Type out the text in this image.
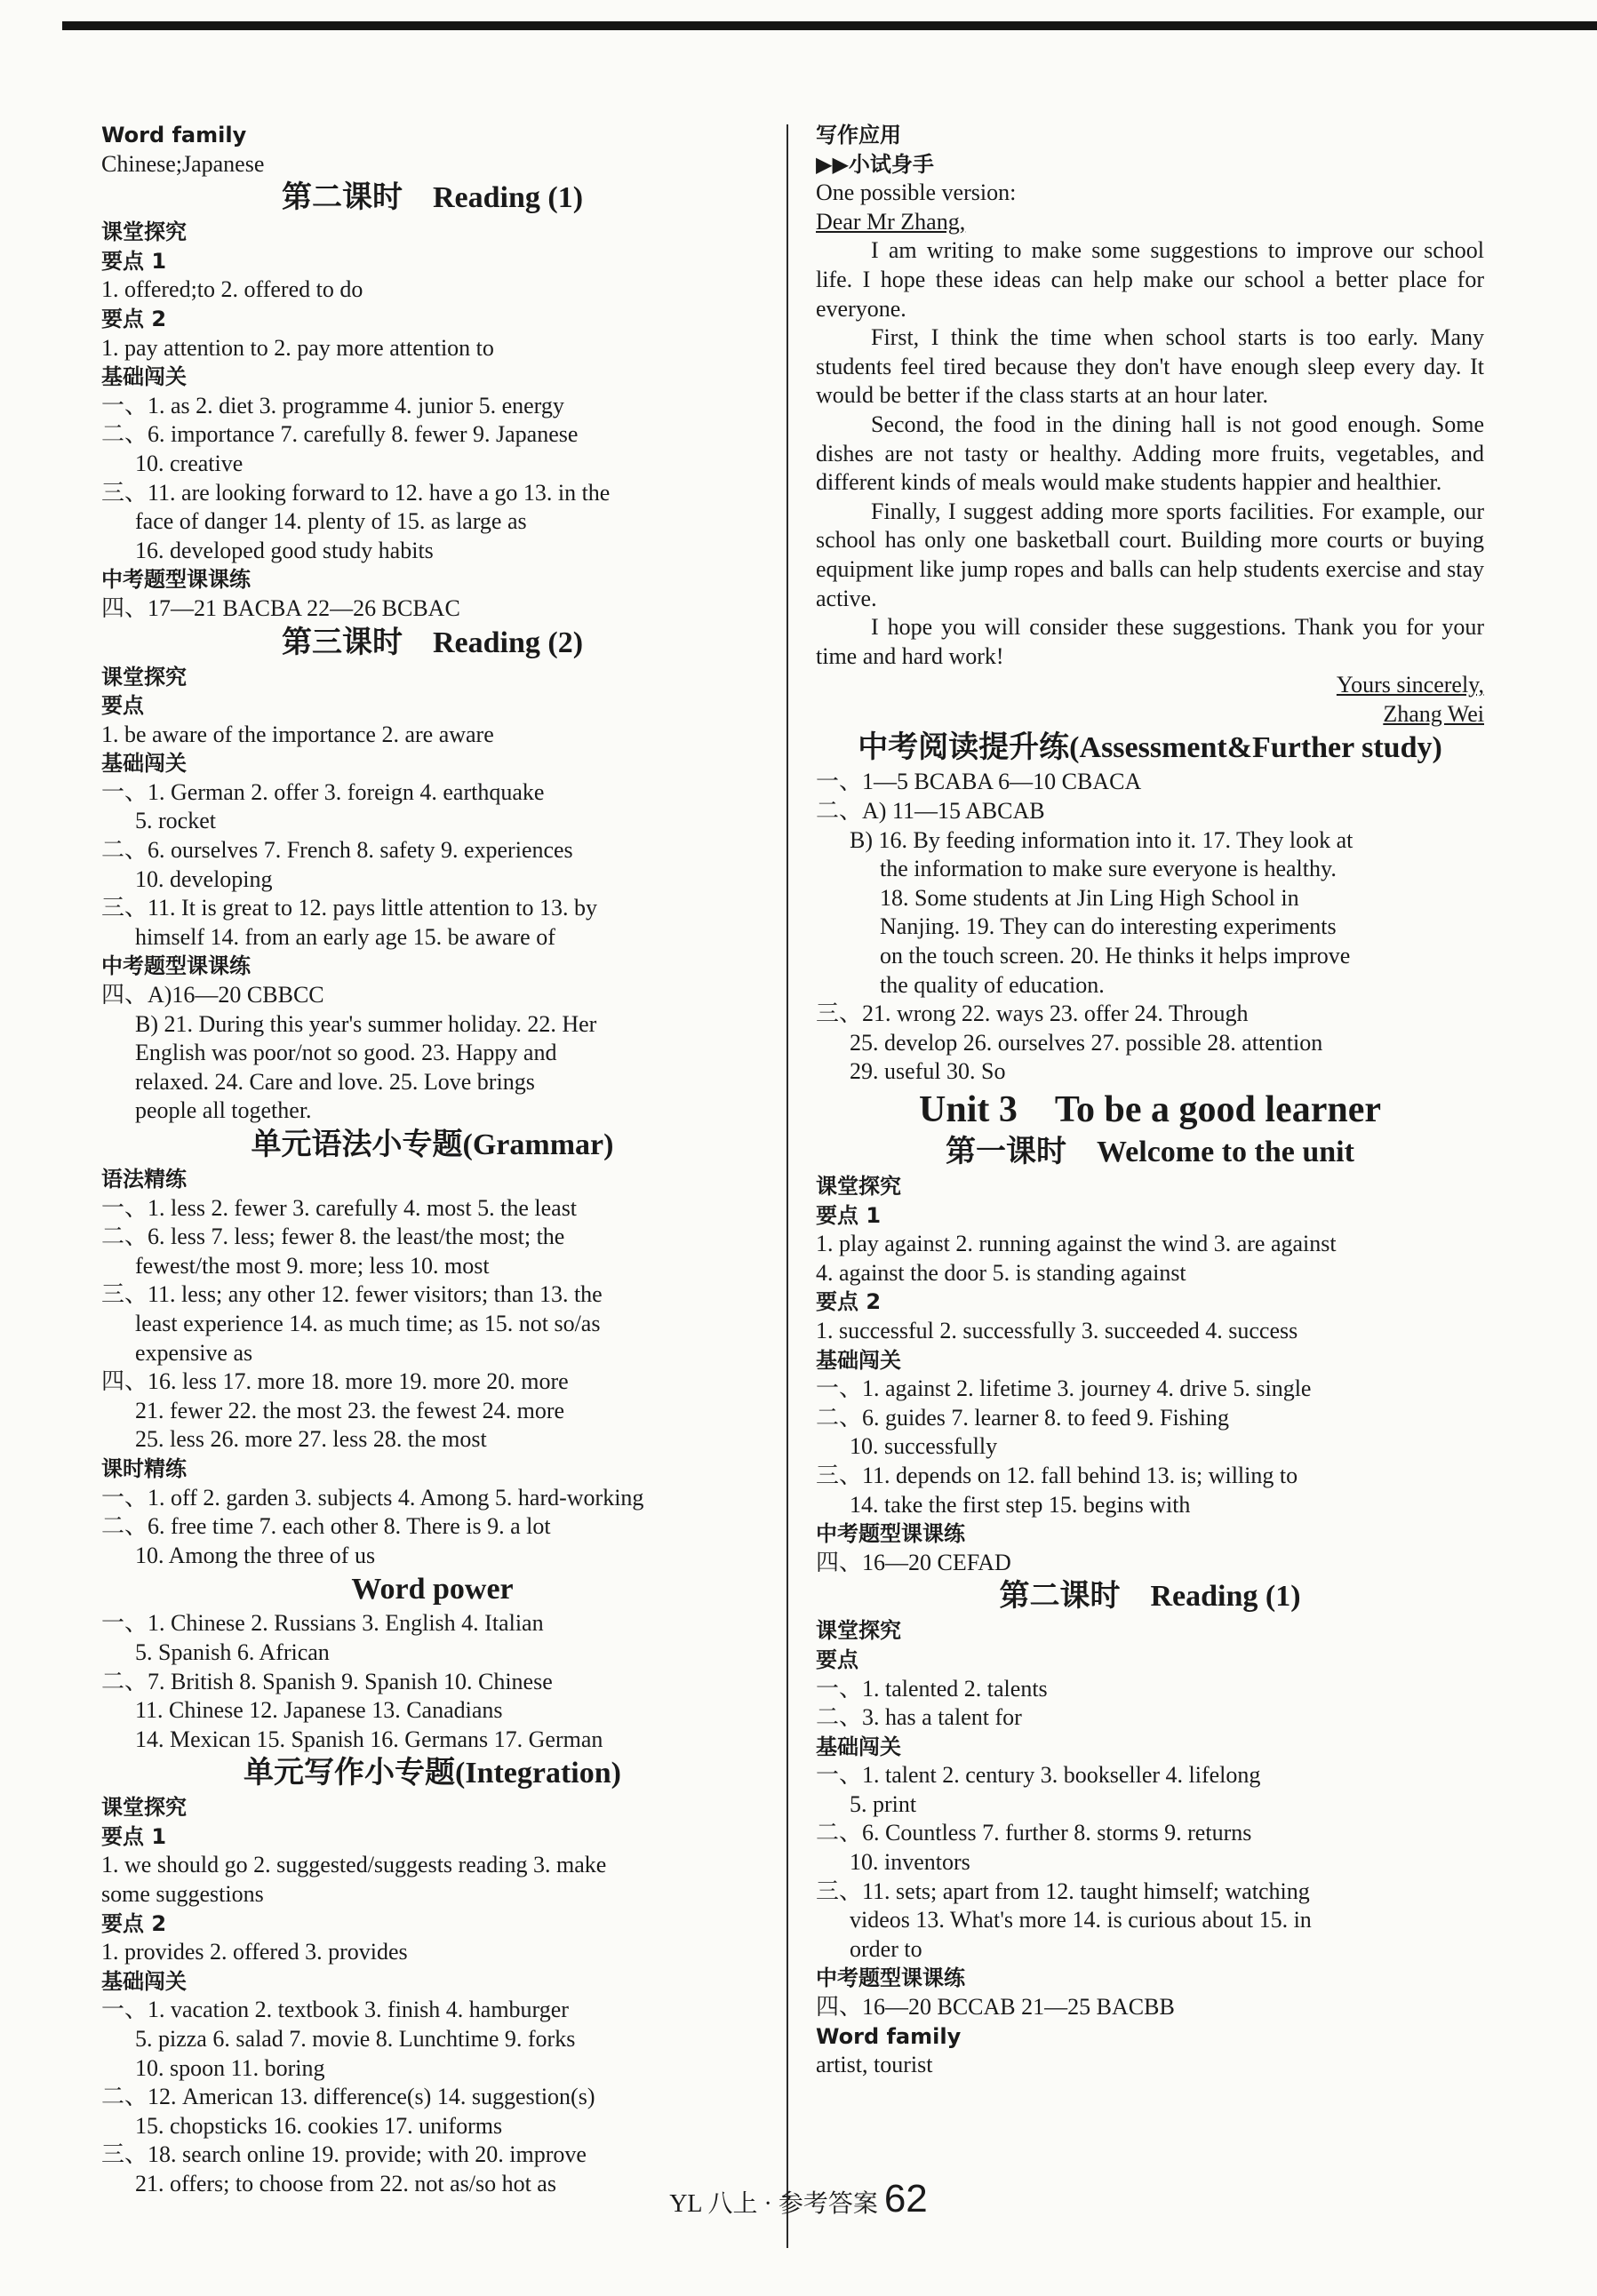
Word family
Chinese;Japanese
第二课时　Reading (1)
课堂探究
要点 1
1. offered;to 2. offered to do
要点 2
1. pay attention to 2. pay more attention to
基础闯关
一、1. as 2. diet 3. programme 4. junior 5. energy
二、6. importance 7. carefully 8. fewer 9. Japanese
10. creative
三、11. are looking forward to 12. have a go 13. in the
face of danger 14. plenty of 15. as large as
16. developed good study habits
中考题型课课练
四、17—21 BACBA 22—26 BCBAC
第三课时　Reading (2)
课堂探究
要点
1. be aware of the importance 2. are aware
基础闯关
一、1. German 2. offer 3. foreign 4. earthquake
5. rocket
二、6. ourselves 7. French 8. safety 9. experiences
10. developing
三、11. It is great to 12. pays little attention to 13. by
himself 14. from an early age 15. be aware of
中考题型课课练
四、A)16—20 CBBCC
B) 21. During this year's summer holiday. 22. Her
English was poor/not so good. 23. Happy and
relaxed. 24. Care and love. 25. Love brings
people all together.
单元语法小专题(Grammar)
语法精练
一、1. less 2. fewer 3. carefully 4. most 5. the least
二、6. less 7. less; fewer 8. the least/the most; the
fewest/the most 9. more; less 10. most
三、11. less; any other 12. fewer visitors; than 13. the
least experience 14. as much time; as 15. not so/as
expensive as
四、16. less 17. more 18. more 19. more 20. more
21. fewer 22. the most 23. the fewest 24. more
25. less 26. more 27. less 28. the most
课时精练
一、1. off 2. garden 3. subjects 4. Among 5. hard-working
二、6. free time 7. each other 8. There is 9. a lot
10. Among the three of us
Word power
一、1. Chinese 2. Russians 3. English 4. Italian
5. Spanish 6. African
二、7. British 8. Spanish 9. Spanish 10. Chinese
11. Chinese 12. Japanese 13. Canadians
14. Mexican 15. Spanish 16. Germans 17. German
单元写作小专题(Integration)
课堂探究
要点 1
1. we should go 2. suggested/suggests reading 3. make
some suggestions
要点 2
1. provides 2. offered 3. provides
基础闯关
一、1. vacation 2. textbook 3. finish 4. hamburger
5. pizza 6. salad 7. movie 8. Lunchtime 9. forks
10. spoon 11. boring
二、12. American 13. difference(s) 14. suggestion(s)
15. chopsticks 16. cookies 17. uniforms
三、18. search online 19. provide; with 20. improve
21. offers; to choose from 22. not as/so hot as
写作应用
▶▶小试身手
One possible version:
Dear Mr Zhang,
I am writing to make some suggestions to improve our school life. I hope these ideas can help make our school a better place for everyone.
First, I think the time when school starts is too early. Many students feel tired because they don't have enough sleep every day. It would be better if the class starts at an hour later.
Second, the food in the dining hall is not good enough. Some dishes are not tasty or healthy. Adding more fruits, vegetables, and different kinds of meals would make students happier and healthier.
Finally, I suggest adding more sports facilities. For example, our school has only one basketball court. Building more courts or buying equipment like jump ropes and balls can help students exercise and stay active.
I hope you will consider these suggestions. Thank you for your time and hard work!
Yours sincerely,
Zhang Wei
中考阅读提升练(Assessment&Further study)
一、1—5 BCABA 6—10 CBACA
二、A) 11—15 ABCAB
B) 16. By feeding information into it. 17. They look at
the information to make sure everyone is healthy.
18. Some students at Jin Ling High School in
Nanjing. 19. They can do interesting experiments
on the touch screen. 20. He thinks it helps improve
the quality of education.
三、21. wrong 22. ways 23. offer 24. Through
25. develop 26. ourselves 27. possible 28. attention
29. useful 30. So
Unit 3　To be a good learner
第一课时　Welcome to the unit
课堂探究
要点 1
1. play against 2. running against the wind 3. are against
4. against the door 5. is standing against
要点 2
1. successful 2. successfully 3. succeeded 4. success
基础闯关
一、1. against 2. lifetime 3. journey 4. drive 5. single
二、6. guides 7. learner 8. to feed 9. Fishing
10. successfully
三、11. depends on 12. fall behind 13. is; willing to
14. take the first step 15. begins with
中考题型课课练
四、16—20 CEFAD
第二课时　Reading (1)
课堂探究
要点
一、1. talented 2. talents
二、3. has a talent for
基础闯关
一、1. talent 2. century 3. bookseller 4. lifelong
5. print
二、6. Countless 7. further 8. storms 9. returns
10. inventors
三、11. sets; apart from 12. taught himself; watching
videos 13. What's more 14. is curious about 15. in
order to
中考题型课课练
四、16—20 BCCAB 21—25 BACBB
Word family
artist, tourist
YL 八上 · 参考答案 62
